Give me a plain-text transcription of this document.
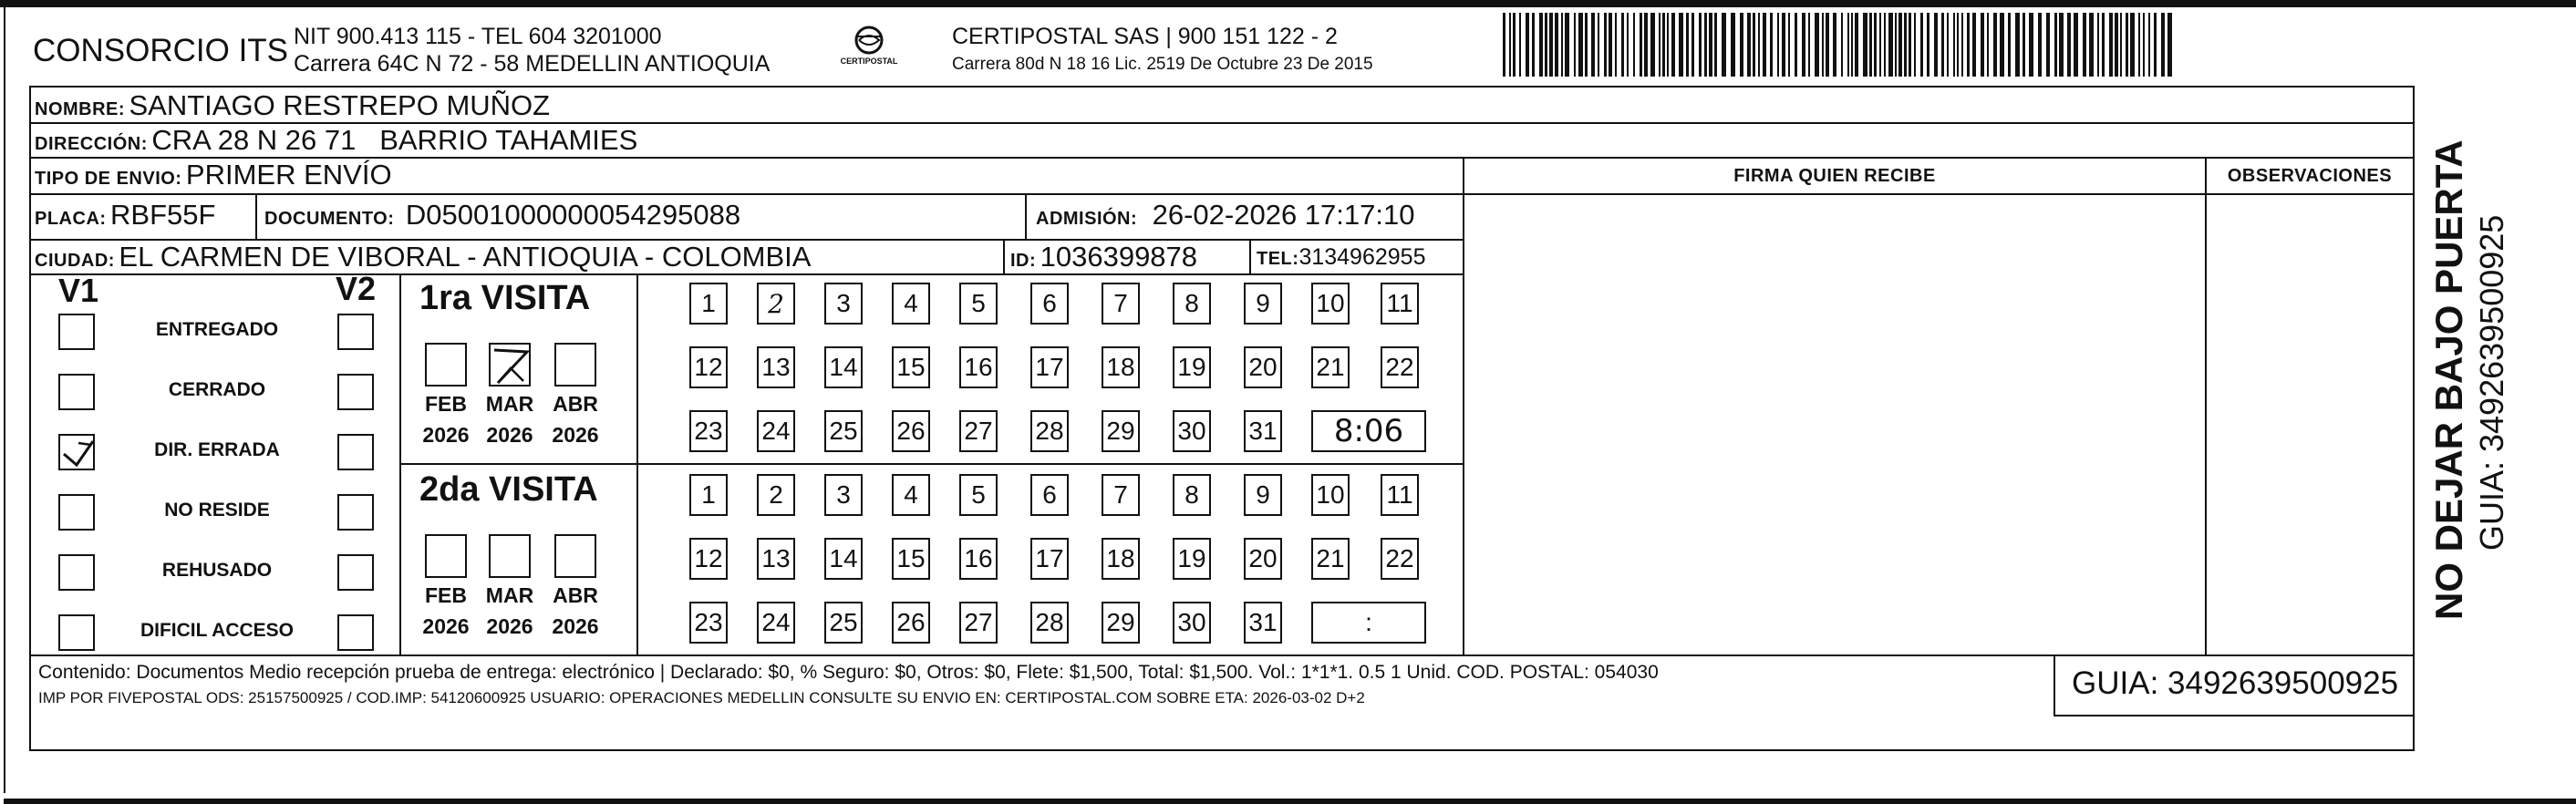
CONSORCIO ITS NIT 900.413 115 - TEL 604 3201000
Carrera 64C N 72 - 58 MEDELLIN ANTIOQUIA	CERTIPOSTAL
CERTIPOSTAL SAS | 900 151 122 - 2
Carrera 80d N 18 16 Lic. 2519 De Octubre 23 De 2015
NOMBRE: SANTIAGO RESTREPO MUÑOZ
DIRECCIÓN: CRA 28 N 26 71   BARRIO TAHAMIES
TIPO DE ENVIO: PRIMER ENVÍO	FIRMA QUIEN RECIBE	OBSERVACIONES
PLACA: RBF55F	DOCUMENTO: D05001000000054295088	ADMISIÓN: 26-02-2026 17:17:10
CIUDAD: EL CARMEN DE VIBORAL - ANTIOQUIA - COLOMBIA	ID: 1036399878	TEL:3134962955
V1	V2
ENTREGADO
CERRADO
DIR. ERRADA
NO RESIDE
REHUSADO
DIFICIL ACCESO
1ra VISITA
2da VISITA
FEB
2026
MAR
2026
ABR
2026
1	2	3	4	5	6	7	8	9	10 11
12 13 14 15 16 17 18 19 20 21 22
23 24 25 26 27 28 29 30 31	8:06
FEB
2026
MAR
2026
ABR
2026
1	2	3	4	5	6	7	8	9	10 11
12 13 14 15 16 17 18 19 20 21 22
23 24 25 26 27 28 29 30 31	:
Contenido: Documentos Medio recepción prueba de entrega: electrónico | Declarado: $0, % Seguro: $0, Otros: $0, Flete: $1,500, Total: $1,500. Vol.: 1*1*1. 0.5 1 Unid. COD. POSTAL: 054030
IMP POR FIVEPOSTAL ODS: 25157500925 / COD.IMP: 54120600925 USUARIO: OPERACIONES MEDELLIN CONSULTE SU ENVIO EN: CERTIPOSTAL.COM SOBRE ETA: 2026-03-02 D+2	GUIA: 3492639500925
NO DEJAR BAJO PUERTA GUIA: 3492639500925
